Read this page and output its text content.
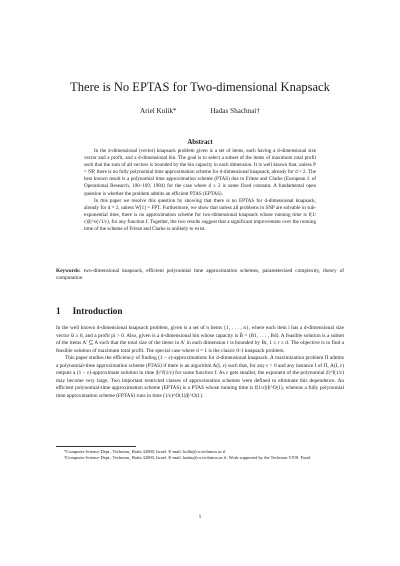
There is No EPTAS for Two-dimensional Knapsack
Ariel Kulik*	Hadas Shachnai†
Abstract

In the d-dimensional (vector) knapsack problem given is a set of items, each having a d-dimensional size vector and a profit, and a d-dimensional bin. The goal is to select a subset of the items of maximum total profit such that the sum of all vectors is bounded by the bin capacity in each dimension. It is well known that, unless P = NP, there is no fully polynomial time approximation scheme for d-dimensional knapsack, already for d = 2. The best known result is a polynomial time approximation scheme (PTAS) due to Frieze and Clarke (European J. of Operational Research, 100–109, 1984) for the case where d ≥ 2 is some fixed constant. A fundamental open question is whether the problem admits an efficient PTAS (EPTAS).

In this paper we resolve this question by showing that there is no EPTAS for d-dimensional knapsack, already for d = 2, unless W[1] = FPT. Furthermore, we show that unless all problems in SNP are solvable in sub-exponential time, there is no approximation scheme for two-dimensional knapsack whose running time is f(1/ε)|I|^o(√1/ε), for any function f. Together, the two results suggest that a significant improvement over the running time of the scheme of Frieze and Clarke is unlikely to exist.

Keywords: two-dimensional knapsack, efficient polynomial time approximation schemes, parameterized complexity, theory of computation
1 Introduction

In the well known d-dimensional knapsack problem, given is a set of n items {1, . . . , n}, where each item i has a d-dimensional size vector s̄i ≥ 0, and a profit pi > 0. Also, given is a d-dimensional bin whose capacity is B̄ = (B1, . . . , Bd). A feasible solution is a subset of the items A′ ⊆ A such that the total size of the items in A′ in each dimension r is bounded by Br, 1 ≤ r ≤ d. The objective is to find a feasible solution of maximum total profit. The special case where d = 1 is the classic 0-1 knapsack problem.

This paper studies the efficiency of finding (1 − ε)-approximations for d-dimensional knapsack. A maximization problem Π admits a polynomial-time approximation scheme (PTAS) if there is an algorithm A(I, ε) such that, for any ε > 0 and any instance I of Π, A(I, ε) outputs a (1 − ε)-approximate solution in time |I|^f(1/ε) for some function f. As ε gets smaller, the exponent of the polynomial |I|^f(1/ε) may become very large. Two important restricted classes of approximation schemes were defined to eliminate this dependence. An efficient polynomial-time approximation scheme (EPTAS) is a PTAS whose running time is f(1/ε)|I|^O(1), whereas a fully polynomial time approximation scheme (FPTAS) runs in time (1/ε)^O(1)|I|^O(1).

*Computer Science Dept., Technion, Haifa 32000, Israel. E-mail: kulik@cs.technion.ac.il

†Computer Science Dept., Technion, Haifa 32000, Israel. E-mail: hadas@cs.technion.ac.il. Work supported by the Technion V.P.R. Fund.

1
